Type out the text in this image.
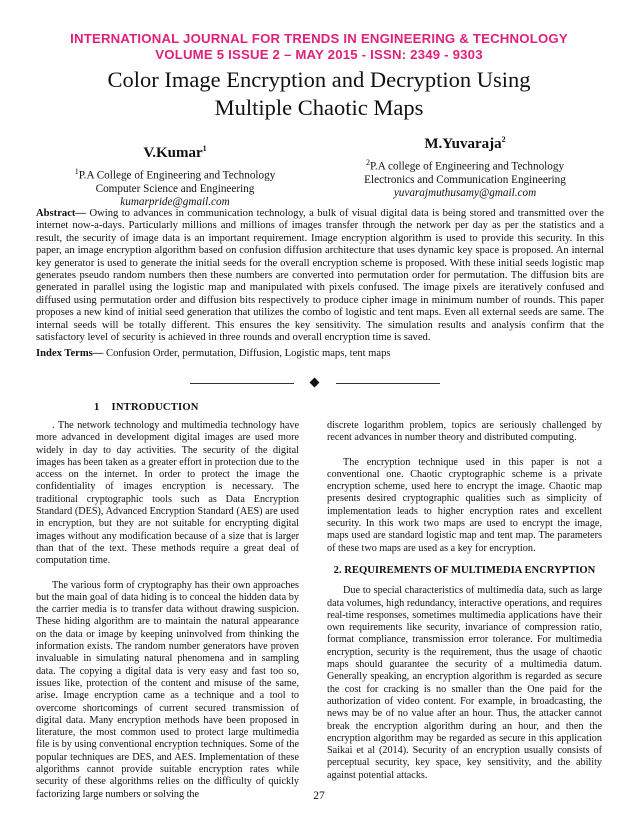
INTERNATIONAL JOURNAL FOR TRENDS IN ENGINEERING & TECHNOLOGY
VOLUME 5 ISSUE 2 – MAY 2015 - ISSN: 2349 - 9303
Color Image Encryption and Decryption Using
Multiple Chaotic Maps
V.Kumar$^1$
$^1$P.A College of Engineering and Technology
Computer Science and Engineering
kumarpride@gmail.com
M.Yuvaraja$^2$
$^2$P.A college of Engineering and Technology
Electronics and Communication Engineering
yuvarajmuthusamy@gmail.com
Abstract— Owing to advances in communication technology, a bulk of visual digital data is being stored and transmitted over the internet now-a-days. Particularly millions and millions of images transfer through the network per day as per the statistics and a result, the security of image data is an important requirement. Image encryption algorithm is used to provide this security. In this paper, an image encryption algorithm based on confusion diffusion architecture that uses dynamic key space is proposed. An internal key generator is used to generate the initial seeds for the overall encryption scheme is proposed. With these initial seeds logistic map generates pseudo random numbers then these numbers are converted into permutation order for permutation. The diffusion bits are generated in parallel using the logistic map and manipulated with pixels confused. The image pixels are iteratively confused and diffused using permutation order and diffusion bits respectively to produce cipher image in minimum number of rounds. This paper proposes a new kind of initial seed generation that utilizes the combo of logistic and tent maps. Even all external seeds are same. The internal seeds will be totally different. This ensures the key sensitivity. The simulation results and analysis confirm that the satisfactory level of security is achieved in three rounds and overall encryption time is saved.
Index Terms— Confusion Order, permutation, Diffusion, Logistic maps, tent maps
1 INTRODUCTION

. The network technology and multimedia technology have more advanced in development digital images are used more widely in day to day activities. The security of the digital images has been taken as a greater effort in protection due to the access on the internet. In order to protect the image the confidentiality of images encryption is necessary. The traditional cryptographic tools such as Data Encryption Standard (DES), Advanced Encryption Standard (AES) are used in encryption, but they are not suitable for encrypting digital images without any modification because of a size that is larger than that of the text. These methods require a great deal of computation time.

The various form of cryptography has their own approaches but the main goal of data hiding is to conceal the hidden data by the carrier media is to transfer data without drawing suspicion. These hiding algorithm are to maintain the natural appearance on the data or image by keeping uninvolved from thinking the information exists. The random number generators have proven invaluable in simulating natural phenomena and in sampling data. The copying a digital data is very easy and fast too so, issues like, protection of the content and misuse of the same, arise. Image encryption came as a technique and a tool to overcome shortcomings of current secured transmission of digital data. Many encryption methods have been proposed in literature, the most common used to protect large multimedia file is by using conventional encryption techniques. Some of the popular techniques are DES, and AES. Implementation of these algorithms cannot provide suitable encryption rates while security of these algorithms relies on the difficulty of quickly factorizing large numbers or solving the

discrete logarithm problem, topics are seriously challenged by recent advances in number theory and distributed computing.

The encryption technique used in this paper is not a conventional one. Chaotic cryptographic scheme is a private encryption scheme, used here to encrypt the image. Chaotic map presents desired cryptographic qualities such as simplicity of implementation leads to higher encryption rates and excellent security. In this work two maps are used to encrypt the image, maps used are standard logistic map and tent map. The parameters of these two maps are used as a key for encryption.

2. REQUIREMENTS OF MULTIMEDIA ENCRYPTION

Due to special characteristics of multimedia data, such as large data volumes, high redundancy, interactive operations, and requires real-time responses, sometimes multimedia applications have their own requirements like security, invariance of compression ratio, format compliance, transmission error tolerance. For multimedia encryption, security is the requirement, thus the usage of chaotic maps should guarantee the security of a multimedia datum. Generally speaking, an encryption algorithm is regarded as secure the cost for cracking is no smaller than the One paid for the authorization of video content. For example, in broadcasting, the news may be of no value after an hour. Thus, the attacker cannot break the encryption algorithm during an hour, and then the encryption algorithm may be regarded as secure in this application Saikai et al (2014). Security of an encryption usually consists of perceptual security, key space, key sensitivity, and the ability against potential attacks.

27
